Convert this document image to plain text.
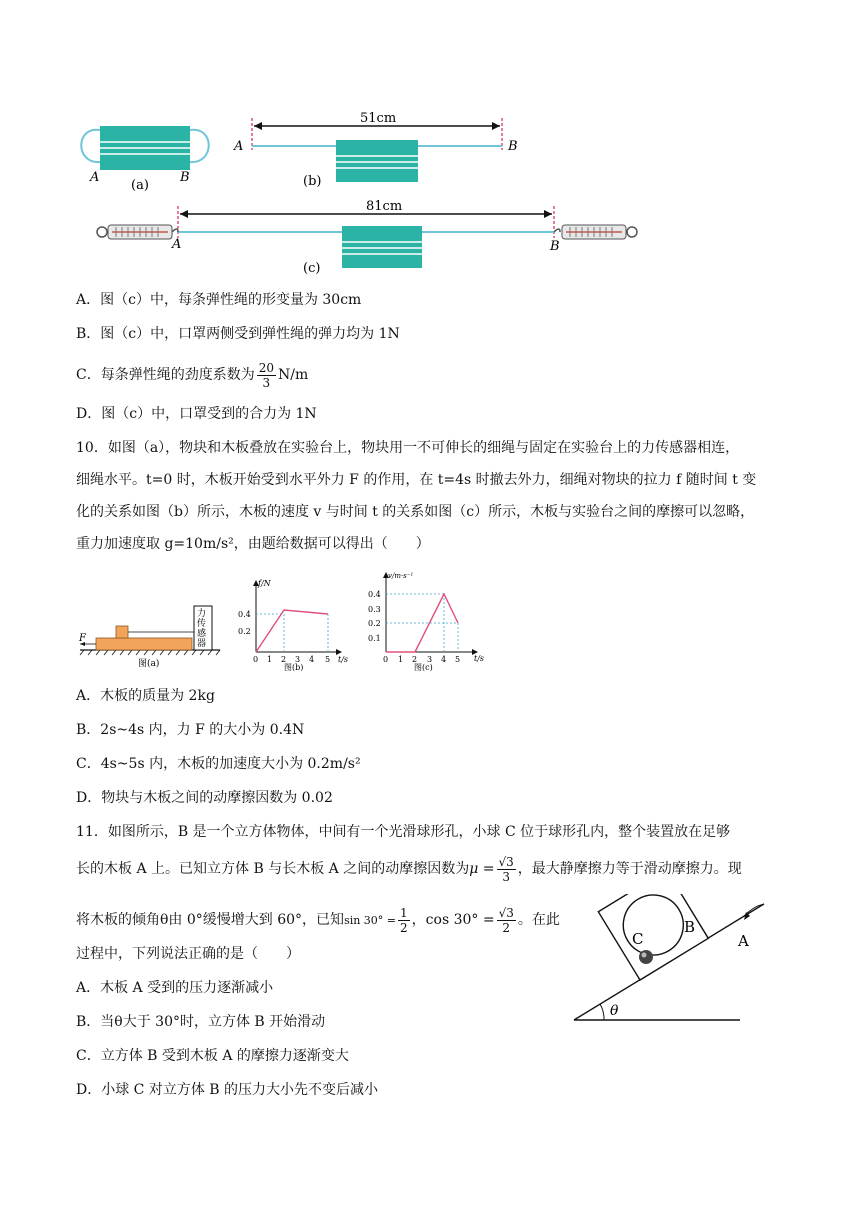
A	B
(a)
51cm
A	B
(b)
81cm
A	B
(c)
A．图（c）中，每条弹性绳的形变量为 30cm
B．图（c）中，口罩两侧受到弹性绳的弹力均为 1N
C．每条弹性绳的劲度系数为 $\frac{20}{3} N/m$
D．图（c）中，口罩受到的合力为 1N
10．如图（a），物块和木板叠放在实验台上，物块用一不可伸长的细绳与固定在实验台上的力传感器相连，
细绳水平。t=0 时，木板开始受到水平外力 F 的作用，在 t=4s 时撤去外力，细绳对物块的拉力 f 随时间 t 变
化的关系如图（b）所示，木板的速度 v 与时间 t 的关系如图（c）所示，木板与实验台之间的摩擦可以忽略，
重力加速度取 g=10m/s²，由题给数据可以得出（　　）
力
传
感
器
F
图(a)
f/N
t/s
0.4
0.2
0 1 2 3 4 5
图(b)
v/m·s⁻¹
t/s
0.4
0.3
0.2
0.1
0 1 2 3 4 5
图(c)
A．木板的质量为 2kg
B．2s~4s 内，力 F 的大小为 0.4N
C．4s~5s 内，木板的加速度大小为 0.2m/s²
D．物块与木板之间的动摩擦因数为 0.02
11．如图所示，B 是一个立方体物体，中间有一个光滑球形孔，小球 C 位于球形孔内，整个装置放在足够
长的木板 A 上。已知立方体 B 与长木板 A 之间的动摩擦因数为$\mu = \frac{√3}{3}$ ，最大静摩擦力等于滑动摩擦力。现
将木板的倾角θ由 0°缓慢增大到 60°，已知$\sin 30^\circ = \frac{1}{2}$ ，$\cos 30^\circ = \frac{√3}{2}$ 。在此
过程中，下列说法正确的是（　　）
A．木板 A 受到的压力逐渐减小
B．当θ大于 30°时，立方体 B 开始滑动
C．立方体 B 受到木板 A 的摩擦力逐渐变大
D．小球 C 对立方体 B 的压力大小先不变后减小
θ
C
B
A
